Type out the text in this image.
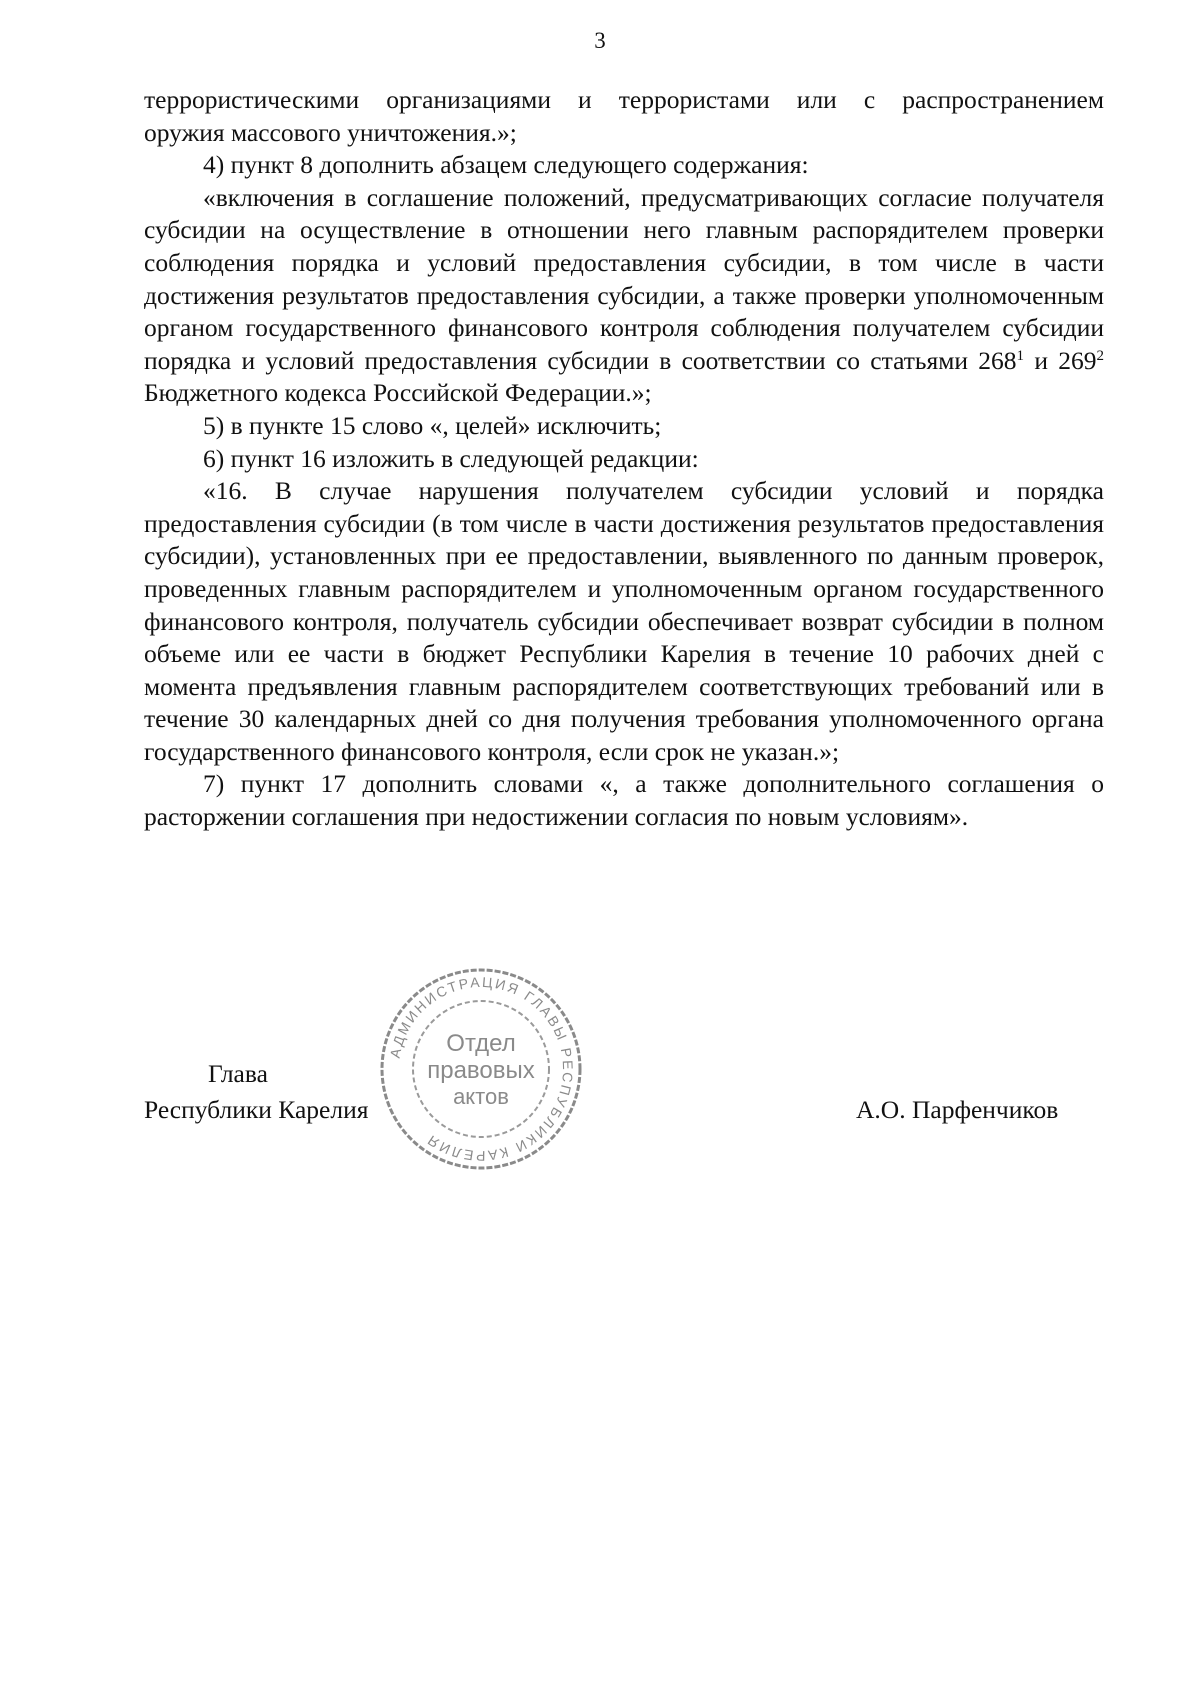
3

террористическими организациями и террористами или с распространением

оружия массового уничтожения.»;

4) пункт 8 дополнить абзацем следующего содержания:

«включения в соглашение положений, предусматривающих согласие получателя субсидии на осуществление в отношении него главным распорядителем проверки соблюдения порядка и условий предоставления субсидии, в том числе в части достижения результатов предоставления субсидии, а также проверки уполномоченным органом государственного финансового контроля соблюдения получателем субсидии порядка и условий предоставления субсидии в соответствии со статьями $268^1$ и $269^2$ Бюджетного кодекса Российской Федерации.»;

5) в пункте 15 слово «, целей» исключить;

6) пункт 16 изложить в следующей редакции:

«16. В случае нарушения получателем субсидии условий и порядка предоставления субсидии (в том числе в части достижения результатов предоставления субсидии), установленных при ее предоставлении, выявленного по данным проверок, проведенных главным распорядителем и уполномоченным органом государственного финансового контроля, получатель субсидии обеспечивает возврат субсидии в полном объеме или ее части в бюджет Республики Карелия в течение 10 рабочих дней с момента предъявления главным распорядителем соответствующих требований или в течение 30 календарных дней со дня получения требования уполномоченного органа государственного финансового контроля, если срок не указан.»;

7) пункт 17 дополнить словами «, а также дополнительного соглашения о расторжении соглашения при недостижении согласия по новым условиям».

Глава
Республики Карелия	А.О. Парфенчиков
АДМИНИСТРАЦИЯ ГЛАВЫ РЕСПУБЛИКИ КАРЕЛИЯ
Отдел
правовых
актов
